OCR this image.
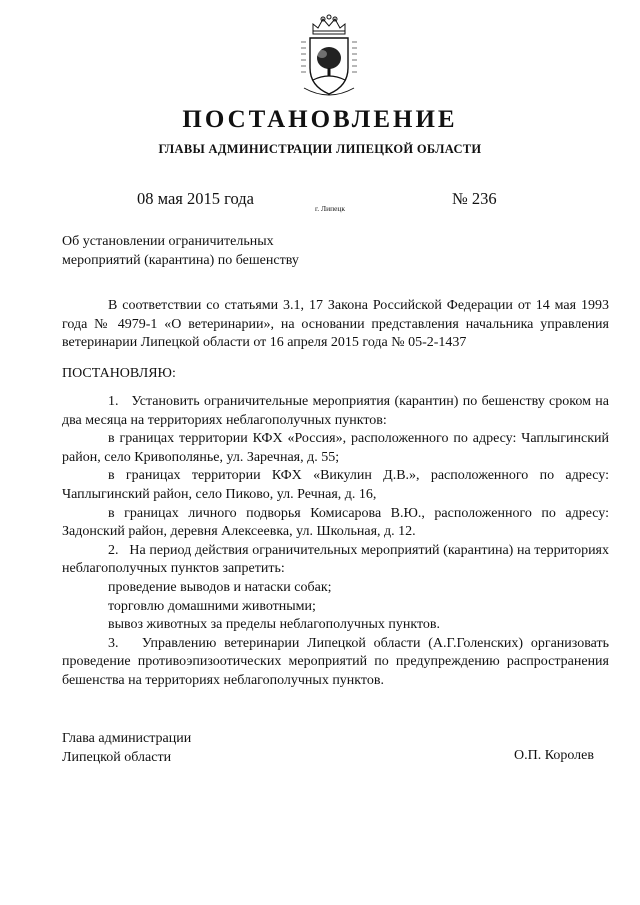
ПОСТАНОВЛЕНИЕ
ГЛАВЫ АДМИНИСТРАЦИИ ЛИПЕЦКОЙ ОБЛАСТИ
08 мая 2015 года
г. Липецк
№ 236
Об установлении ограничительных
мероприятий (карантина) по бешенству

В соответствии со статьями 3.1, 17 Закона Российской Федерации от 14 мая 1993 года № 4979-1 «О ветеринарии», на основании представления начальника управления ветеринарии Липецкой области от 16 апреля 2015 года № 05-2-1437

ПОСТАНОВЛЯЮ:

1.   Установить ограничительные мероприятия (карантин) по бешенству сроком на два месяца на территориях неблагополучных пунктов:

в границах территории КФХ «Россия», расположенного по адресу: Чаплыгинский район, село Кривополянье, ул. Заречная, д. 55;

в границах территории КФХ «Викулин Д.В.», расположенного по адресу: Чаплыгинский район, село Пиково, ул. Речная, д. 16,

в границах личного подворья Комисарова В.Ю., расположенного по адресу: Задонский район, деревня Алексеевка, ул. Школьная, д. 12.

2.   На период действия ограничительных мероприятий (карантина) на территориях неблагополучных пунктов запретить:

проведение выводов и натаски собак;

торговлю домашними животными;

вывоз животных за пределы неблагополучных пунктов.

3.   Управлению ветеринарии Липецкой области (А.Г.Голенских) организовать проведение противоэпизоотических мероприятий по предупреждению распространения бешенства на территориях неблагополучных пунктов.

Глава администрации
Липецкой области	О.П. Королев
